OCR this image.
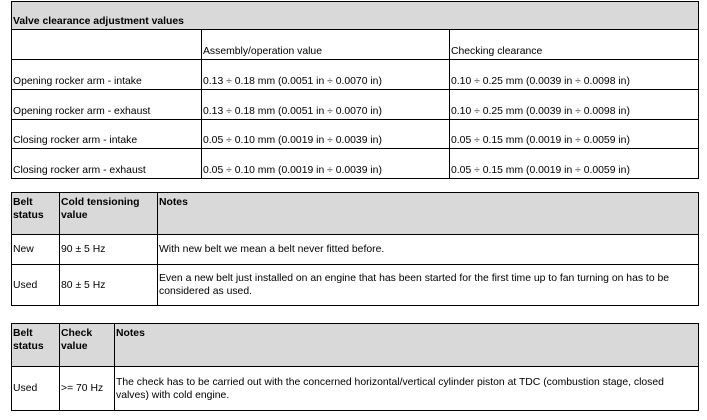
Valve clearance adjustment values		
	Assembly/operation value	Checking clearance
Opening rocker arm - intake	0.13 ÷ 0.18 mm (0.0051 in ÷ 0.0070 in)	0.10 ÷ 0.25 mm (0.0039 in ÷ 0.0098 in)
Opening rocker arm - exhaust	0.13 ÷ 0.18 mm (0.0051 in ÷ 0.0070 in)	0.10 ÷ 0.25 mm (0.0039 in ÷ 0.0098 in)
Closing rocker arm - intake	0.05 ÷ 0.10 mm (0.0019 in ÷ 0.0039 in)	0.05 ÷ 0.15 mm (0.0019 in ÷ 0.0059 in)
Closing rocker arm - exhaust	0.05 ÷ 0.10 mm (0.0019 in ÷ 0.0039 in)	0.05 ÷ 0.15 mm (0.0019 in ÷ 0.0059 in)
Belt status	Cold tensioning value	Notes
New	90 ± 5 Hz	With new belt we mean a belt never fitted before.
Used	80 ± 5 Hz	Even a new belt just installed on an engine that has been started for the first time up to fan turning on has to be considered as used.
Belt status	Check value	Notes
Used	>= 70 Hz	The check has to be carried out with the concerned horizontal/vertical cylinder piston at TDC (combustion stage, closed valves) with cold engine.
